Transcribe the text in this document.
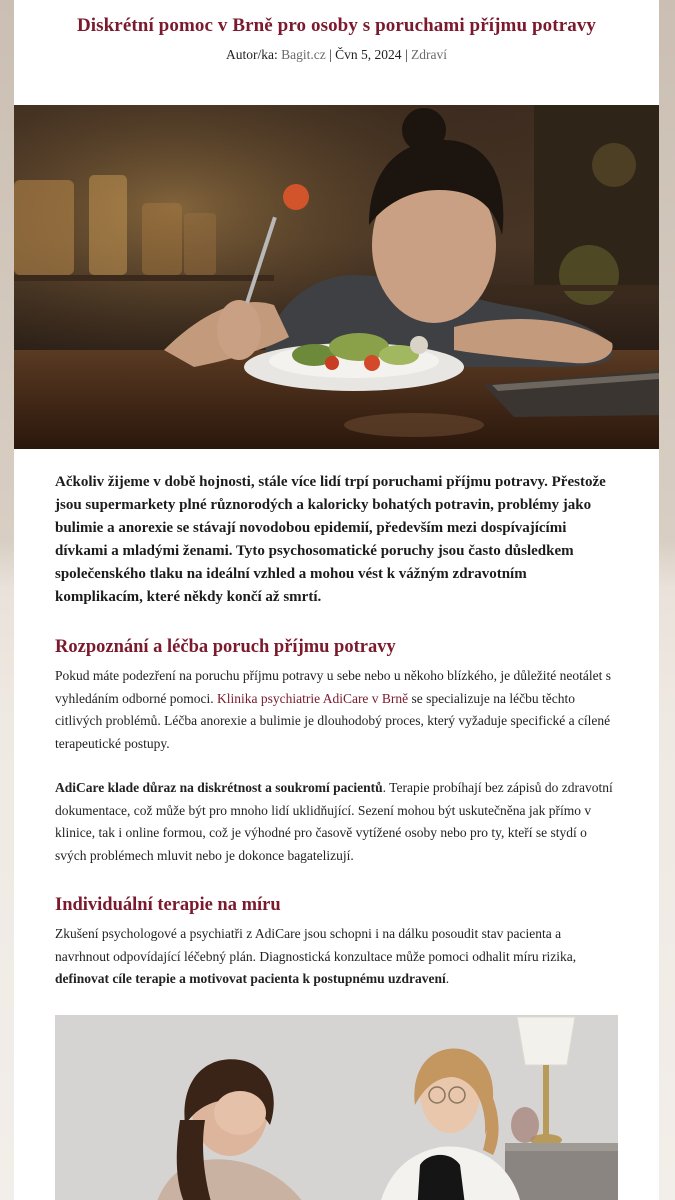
Diskrétní pomoc v Brně pro osoby s poruchami příjmu potravy
Autor/ka: Bagit.cz | Čvn 5, 2024 | Zdraví
Ačkoliv žijeme v době hojnosti, stále více lidí trpí poruchami příjmu potravy. Přestože jsou supermarkety plné různorodých a kaloricky bohatých potravin, problémy jako bulimie a anorexie se stávají novodobou epidemií, především mezi dospívajícími dívkami a mladými ženami. Tyto psychosomatické poruchy jsou často důsledkem společenského tlaku na ideální vzhled a mohou vést k vážným zdravotním komplikacím, které někdy končí až smrtí.
Rozpoznání a léčba poruch příjmu potravy

Pokud máte podezření na poruchu příjmu potravy u sebe nebo u někoho blízkého, je důležité neotálet s vyhledáním odborné pomoci. Klinika psychiatrie AdiCare v Brně se specializuje na léčbu těchto citlivých problémů. Léčba anorexie a bulimie je dlouhodobý proces, který vyžaduje specifické a cílené terapeutické postupy.

AdiCare klade důraz na diskrétnost a soukromí pacientů. Terapie probíhají bez zápisů do zdravotní dokumentace, což může být pro mnoho lidí uklidňující. Sezení mohou být uskutečněna jak přímo v klinice, tak i online formou, což je výhodné pro časově vytížené osoby nebo pro ty, kteří se stydí o svých problémech mluvit nebo je dokonce bagatelizují.

Individuální terapie na míru

Zkušení psychologové a psychiatři z AdiCare jsou schopni i na dálku posoudit stav pacienta a navrhnout odpovídající léčebný plán. Diagnostická konzultace může pomoci odhalit míru rizika, definovat cíle terapie a motivovat pacienta k postupnému uzdravení.
